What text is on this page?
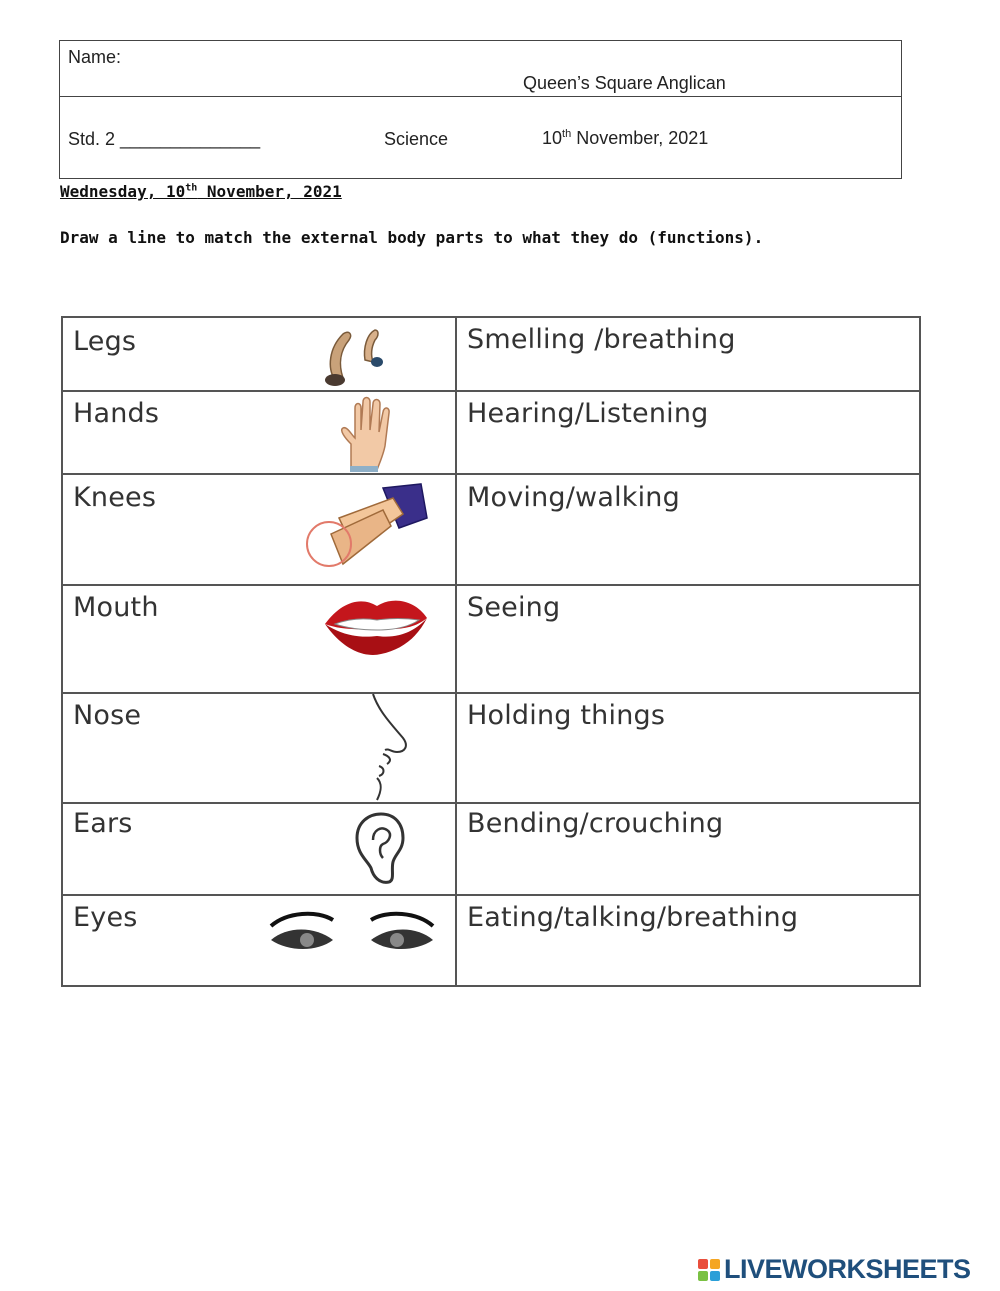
Name:
Queen’s Square Anglican
Std. 2 ______________	Science	10th November, 2021
Wednesday, 10th November, 2021
Draw a line to match the external body parts to what they do (functions).
Legs	Smelling /breathing
Hands	Hearing/Listening
Knees	Moving/walking
Mouth	Seeing
Nose	Holding things
Ears	Bending/crouching
Eyes	Eating/talking/breathing
LIVEWORKSHEETS
